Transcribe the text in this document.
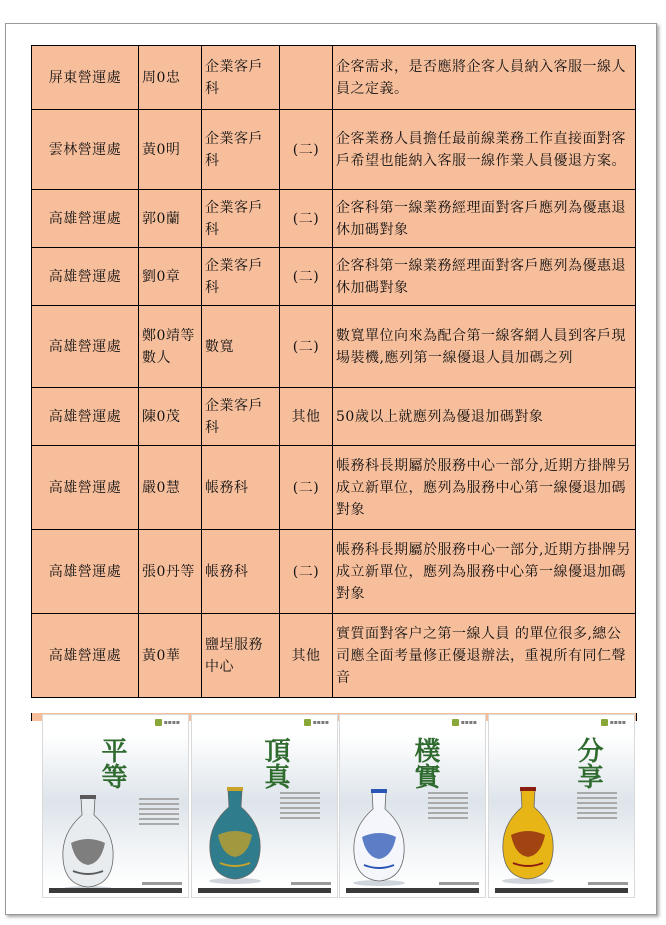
屏東營運處	周0忠	企業客戶科		企客需求，是否應將企客人員納入客服一線人員之定義。
雲林營運處	黃0明	企業客戶科	(二)	企客業務人員擔任最前線業務工作直接面對客戶希望也能納入客服一線作業人員優退方案。
高雄營運處	郭0蘭	企業客戶科	(二)	企客科第一線業務經理面對客戶應列為優惠退休加碼對象
高雄營運處	劉0章	企業客戶科	(二)	企客科第一線業務經理面對客戶應列為優惠退休加碼對象
高雄營運處	鄭0靖等數人	數寬	(二)	數寬單位向來為配合第一線客網人員到客戶現場裝機,應列第一線優退人員加碼之列
高雄營運處	陳0茂	企業客戶科	其他	50歲以上就應列為優退加碼對象
高雄營運處	嚴0慧	帳務科	(二)	帳務科長期屬於服務中心一部分,近期方掛牌另成立新單位，應列為服務中心第一線優退加碼對象
高雄營運處	張0丹等	帳務科	(二)	帳務科長期屬於服務中心一部分,近期方掛牌另成立新單位，應列為服務中心第一線優退加碼對象
高雄營運處	黃0華	鹽埕服務中心	其他	實質面對客户之第一線人員 的單位很多,總公司應全面考量修正優退辦法，重視所有同仁聲音
▪▪▪▪
平等
▪▪▪▪
頂真
▪▪▪▪
樸實
▪▪▪▪
分享
